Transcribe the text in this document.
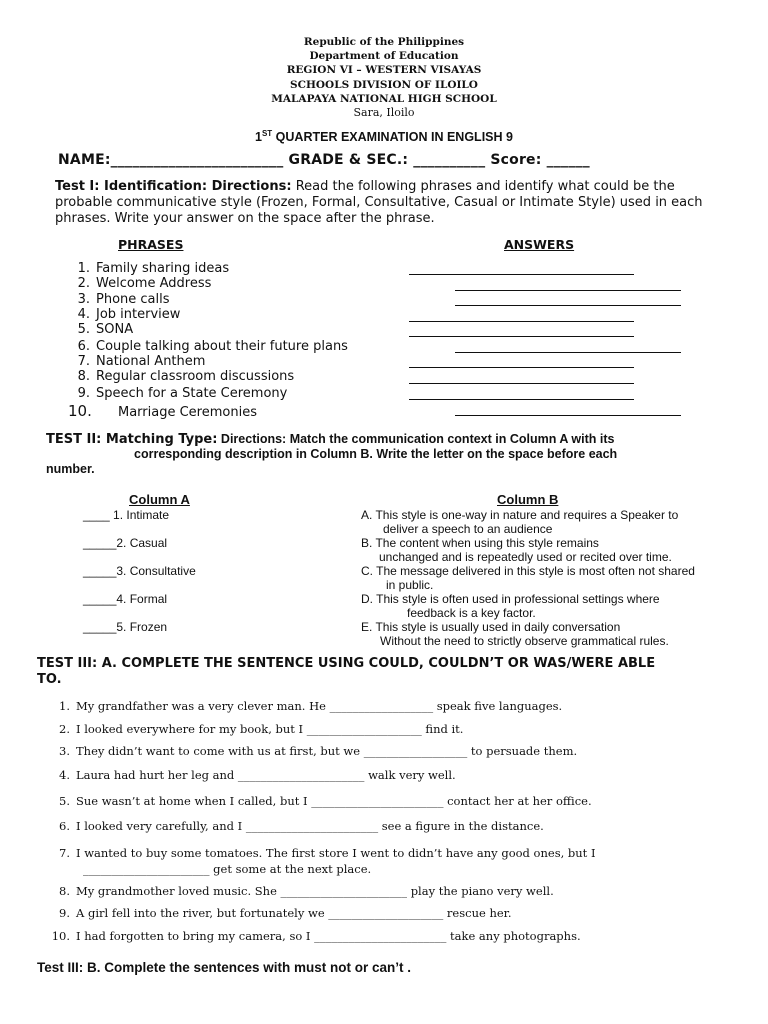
Republic of the Philippines
Department of Education
REGION VI – WESTERN VISAYAS
SCHOOLS DIVISION OF ILOILO
MALAPAYA NATIONAL HIGH SCHOOL
Sara, Iloilo
1ST QUARTER EXAMINATION IN ENGLISH 9
NAME:________________________ GRADE & SEC.: __________ Score: ______
Test I: Identification: Directions: Read the following phrases and identify what could be the probable communicative style (Frozen, Formal, Consultative, Casual or Intimate Style) used in each phrases. Write your answer on the space after the phrase.
PHRASES	ANSWERS
1. Family sharing ideas
2. Welcome Address
3. Phone calls
4. Job interview
5. SONA
6. Couple talking about their future plans
7. National Anthem
8. Regular classroom discussions
9. Speech for a State Ceremony
10. Marriage Ceremonies
TEST II: Matching Type: Directions: Match the communication context in Column A with its
corresponding description in Column B. Write the letter on the space before each
number.
Column A	Column B
____ 1. Intimate	A. This style is one-way in nature and requires a Speaker to
deliver a speech to an audience
_____2. Casual	B. The content when using this style remains
unchanged and is repeatedly used or recited over time.
_____3. Consultative	C. The message delivered in this style is most often not shared
in public.
_____4. Formal	D. This style is often used in professional settings where
feedback is a key factor.
_____5. Frozen	E. This style is usually used in daily conversation
Without the need to strictly observe grammatical rules.
TEST III: A. COMPLETE THE SENTENCE USING COULD, COULDN’T OR WAS/WERE ABLE
TO.
1. My grandfather was a very clever man. He __________________ speak five languages.
2. I looked everywhere for my book, but I ____________________ find it.
3. They didn’t want to come with us at first, but we __________________ to persuade them.
4. Laura had hurt her leg and ______________________ walk very well.
5. Sue wasn’t at home when I called, but I _______________________ contact her at her office.
6. I looked very carefully, and I _______________________ see a figure in the distance.
7. I wanted to buy some tomatoes. The first store I went to didn’t have any good ones, but I
8. My grandmother loved music. She ______________________ play the piano very well.
9. A girl fell into the river, but fortunately we ____________________ rescue her.
10. I had forgotten to bring my camera, so I _______________________ take any photographs.
______________________ get some at the next place.
Test III: B. Complete the sentences with must not or can’t .
